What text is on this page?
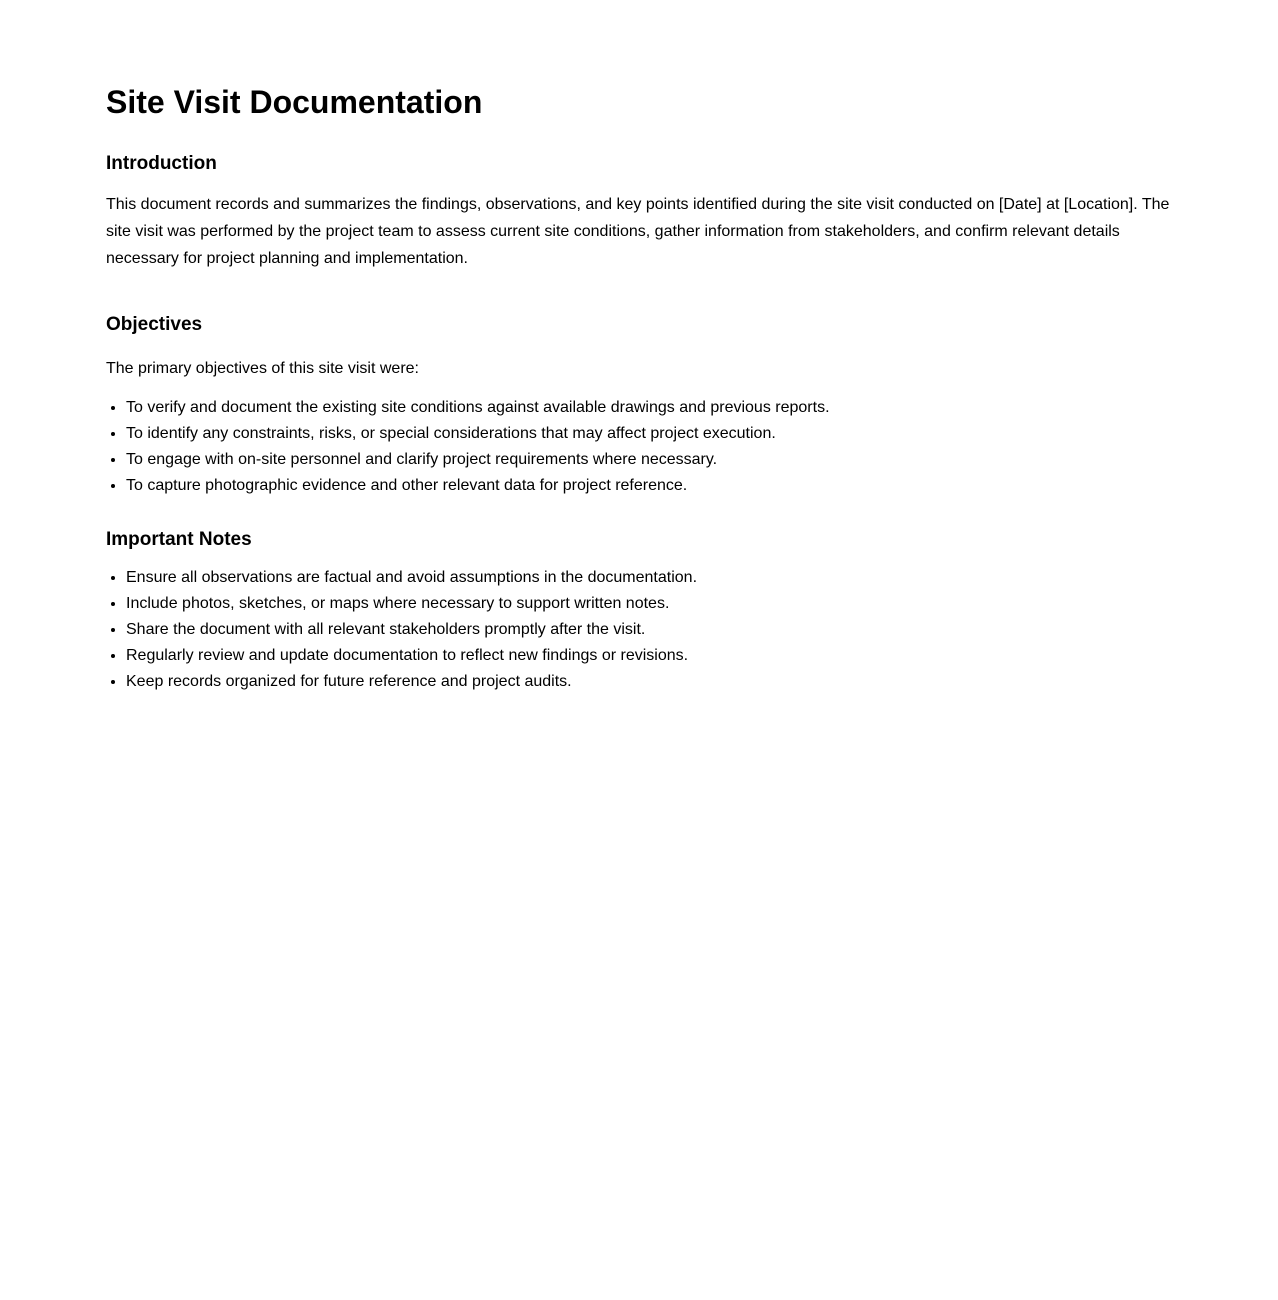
Site Visit Documentation
Introduction

This document records and summarizes the findings, observations, and key points identified during the site visit conducted on [Date] at [Location]. The site visit was performed by the project team to assess current site conditions, gather information from stakeholders, and confirm relevant details necessary for project planning and implementation.

Objectives

The primary objectives of this site visit were:

• To verify and document the existing site conditions against available drawings and previous reports.
• To identify any constraints, risks, or special considerations that may affect project execution.
• To engage with on-site personnel and clarify project requirements where necessary.
• To capture photographic evidence and other relevant data for project reference.
Important Notes
• Ensure all observations are factual and avoid assumptions in the documentation.
• Include photos, sketches, or maps where necessary to support written notes.
• Share the document with all relevant stakeholders promptly after the visit.
• Regularly review and update documentation to reflect new findings or revisions.
• Keep records organized for future reference and project audits.
